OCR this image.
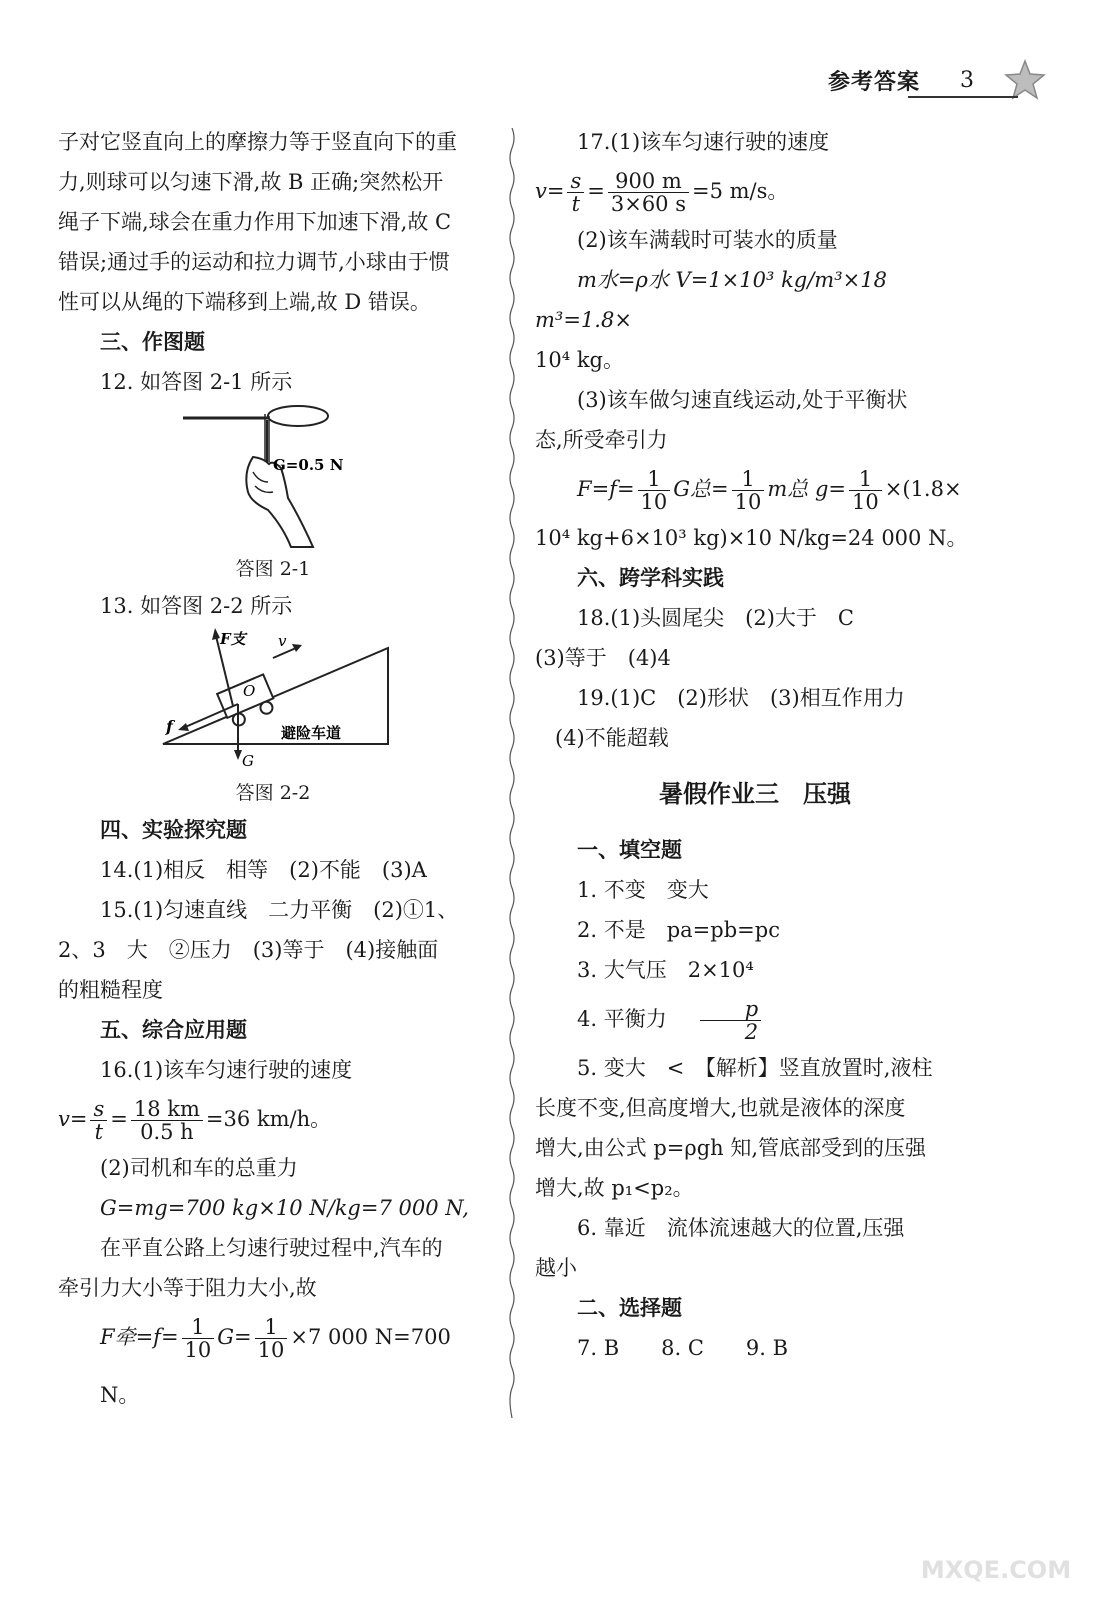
参考答案 3

子对它竖直向上的摩擦力等于竖直向下的重

力,则球可以匀速下滑,故 B 正确;突然松开

绳子下端,球会在重力作用下加速下滑,故 C

错误;通过手的运动和拉力调节,小球由于惯

性可以从绳的下端移到上端,故 D 错误。

三、作图题

12. 如答图 2-1 所示

G=0.5 N

答图 2-1

13. 如答图 2-2 所示

F支 v
O
f
G
避险车道

答图 2-2

四、实验探究题

14.(1)相反　相等　(2)不能　(3)A

15.(1)匀速直线　二力平衡　(2)①1、

2、3　大　②压力　(3)等于　(4)接触面

的粗糙程度

五、综合应用题

16.(1)该车匀速行驶的速度

$v= \frac{s}{t} = \frac{18 km}{0.5 h} =36$ km/h。

(2)司机和车的总重力

G=mg=700 kg×10 N/kg=7 000 N,

在平直公路上匀速行驶过程中,汽车的

牵引力大小等于阻力大小,故

F牵$=f= \frac{1}{10} G= \frac{1}{10} \times 7$ 000 N=700 N。

17.(1)该车匀速行驶的速度

$v= \frac{s}{t} = \frac{900 m}{3\times 60 s} =5$ m/s。

(2)该车满载时可装水的质量

m水=ρ水 V=1×10³ kg/m³×18 m³=1.8×

10⁴ kg。

(3)该车做匀速直线运动,处于平衡状

态,所受牵引力

$F=f= \frac{1}{10}$ G总= $\frac{1}{10}$ m总 $g= \frac{1}{10} \times(1.8\times$

10⁴ kg+6×10³ kg)×10 N/kg=24 000 N。

六、跨学科实践

18.(1)头圆尾尖　(2)大于　C

(3)等于　(4)4

19.(1)C　(2)形状　(3)相互作用力

(4)不能超载

暑假作业三　压强

一、填空题

1. 不变　变大

2. 不是　pa=pb=pc

3. 大气压　2×10⁴

4. 平衡力 $\frac{p}{2}$

5. 变大　<　【解析】竖直放置时,液柱

长度不变,但高度增大,也就是液体的深度

增大,由公式 p=ρgh 知,管底部受到的压强

增大,故 p₁<p₂。

6. 靠近　流体流速越大的位置,压强

越小

二、选择题

7. B　　8. C　　9. B

MXQE.COM
